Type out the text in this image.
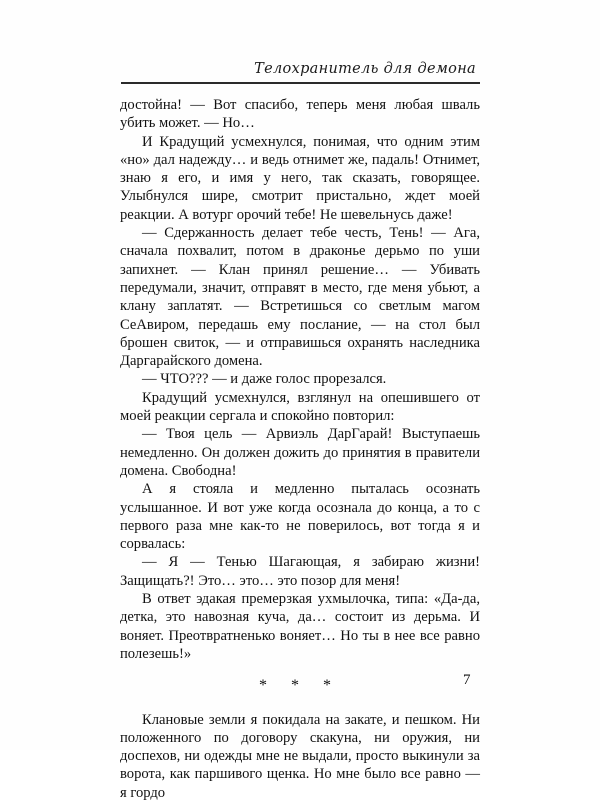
Телохранитель для демона

достойна! — Вот спасибо, теперь меня любая шваль убить может. — Но…

И Крадущий усмехнулся, понимая, что одним этим «но» дал надежду… и ведь отнимет же, падаль! Отнимет, знаю я его, и имя у него, так сказать, говорящее. Улыбнулся шире, смотрит пристально, ждет моей реакции. А вотург орочий тебе! Не шевельнусь даже!

— Сдержанность делает тебе честь, Тень! — Ага, сначала похвалит, потом в драконье дерьмо по уши запихнет. — Клан принял решение… — Убивать передумали, значит, отправят в место, где меня убьют, а клану заплатят. — Встретишься со светлым магом СеАвиром, передашь ему послание, — на стол был брошен свиток, — и отправишься охранять наследника Даргарайского домена.

— ЧТО??? — и даже голос прорезался.

Крадущий усмехнулся, взглянул на опешившего от моей реакции сергала и спокойно повторил:

— Твоя цель — Арвиэль ДарГарай! Выступаешь немедленно. Он должен дожить до принятия в правители домена. Свободна!

А я стояла и медленно пыталась осознать услышанное. И вот уже когда осознала до конца, а то с первого раза мне как-то не поверилось, вот тогда я и сорвалась:

— Я — Тенью Шагающая, я забираю жизни! Защищать?! Это… это… это позор для меня!

В ответ эдакая премерзкая ухмылочка, типа: «Да-да, детка, это навозная куча, да… состоит из дерьма. И воняет. Преотвратненько воняет… Но ты в нее все равно полезешь!»

* * *

Клановые земли я покидала на закате, и пешком. Ни положенного по договору скакуна, ни оружия, ни доспехов, ни одежды мне не выдали, просто выкинули за ворота, как паршивого щенка. Но мне было все равно — я гордо

7
